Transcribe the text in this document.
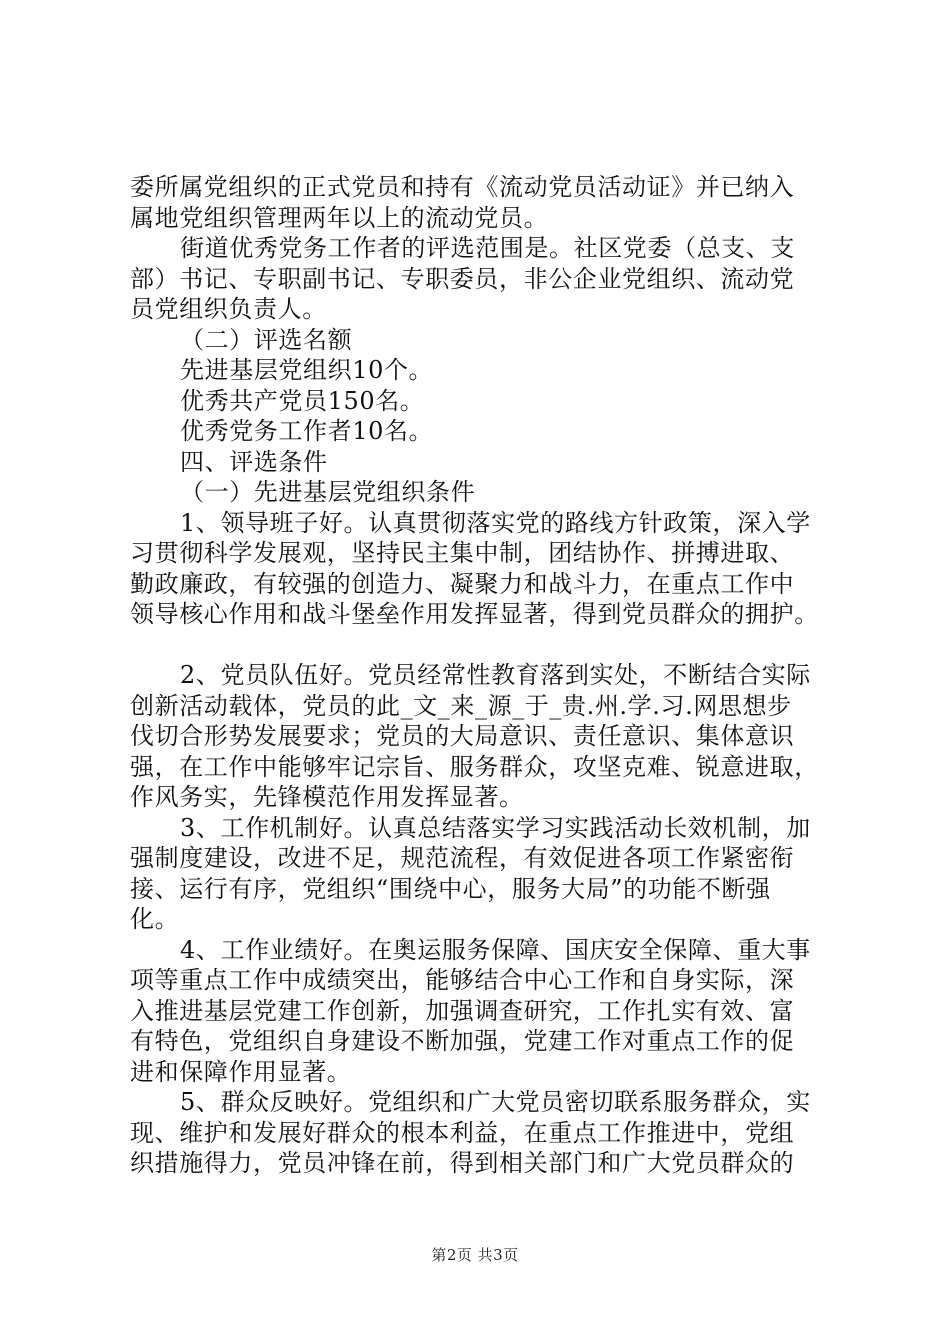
委所属党组织的正式党员和持有《流动党员活动证》并已纳入
属地党组织管理两年以上的流动党员。
街道优秀党务工作者的评选范围是。社区党委（总支、支
部）书记、专职副书记、专职委员，非公企业党组织、流动党
员党组织负责人。
（二）评选名额
先进基层党组织10个。
优秀共产党员150名。
优秀党务工作者10名。
四、评选条件
（一）先进基层党组织条件
1、领导班子好。认真贯彻落实党的路线方针政策，深入学
习贯彻科学发展观，坚持民主集中制，团结协作、拼搏进取、
勤政廉政，有较强的创造力、凝聚力和战斗力，在重点工作中
领导核心作用和战斗堡垒作用发挥显著，得到党员群众的拥护。
2、党员队伍好。党员经常性教育落到实处，不断结合实际
创新活动载体，党员的此_文_来_源_于_贵.州.学.习.网思想步
伐切合形势发展要求；党员的大局意识、责任意识、集体意识
强，在工作中能够牢记宗旨、服务群众，攻坚克难、锐意进取，
作风务实，先锋模范作用发挥显著。
3、工作机制好。认真总结落实学习实践活动长效机制，加
强制度建设，改进不足，规范流程，有效促进各项工作紧密衔
接、运行有序，党组织“围绕中心，服务大局”的功能不断强
化。
4、工作业绩好。在奥运服务保障、国庆安全保障、重大事
项等重点工作中成绩突出，能够结合中心工作和自身实际，深
入推进基层党建工作创新，加强调查研究，工作扎实有效、富
有特色，党组织自身建设不断加强，党建工作对重点工作的促
进和保障作用显著。
5、群众反映好。党组织和广大党员密切联系服务群众，实
现、维护和发展好群众的根本利益，在重点工作推进中，党组
织措施得力，党员冲锋在前，得到相关部门和广大党员群众的
第2页 共3页
